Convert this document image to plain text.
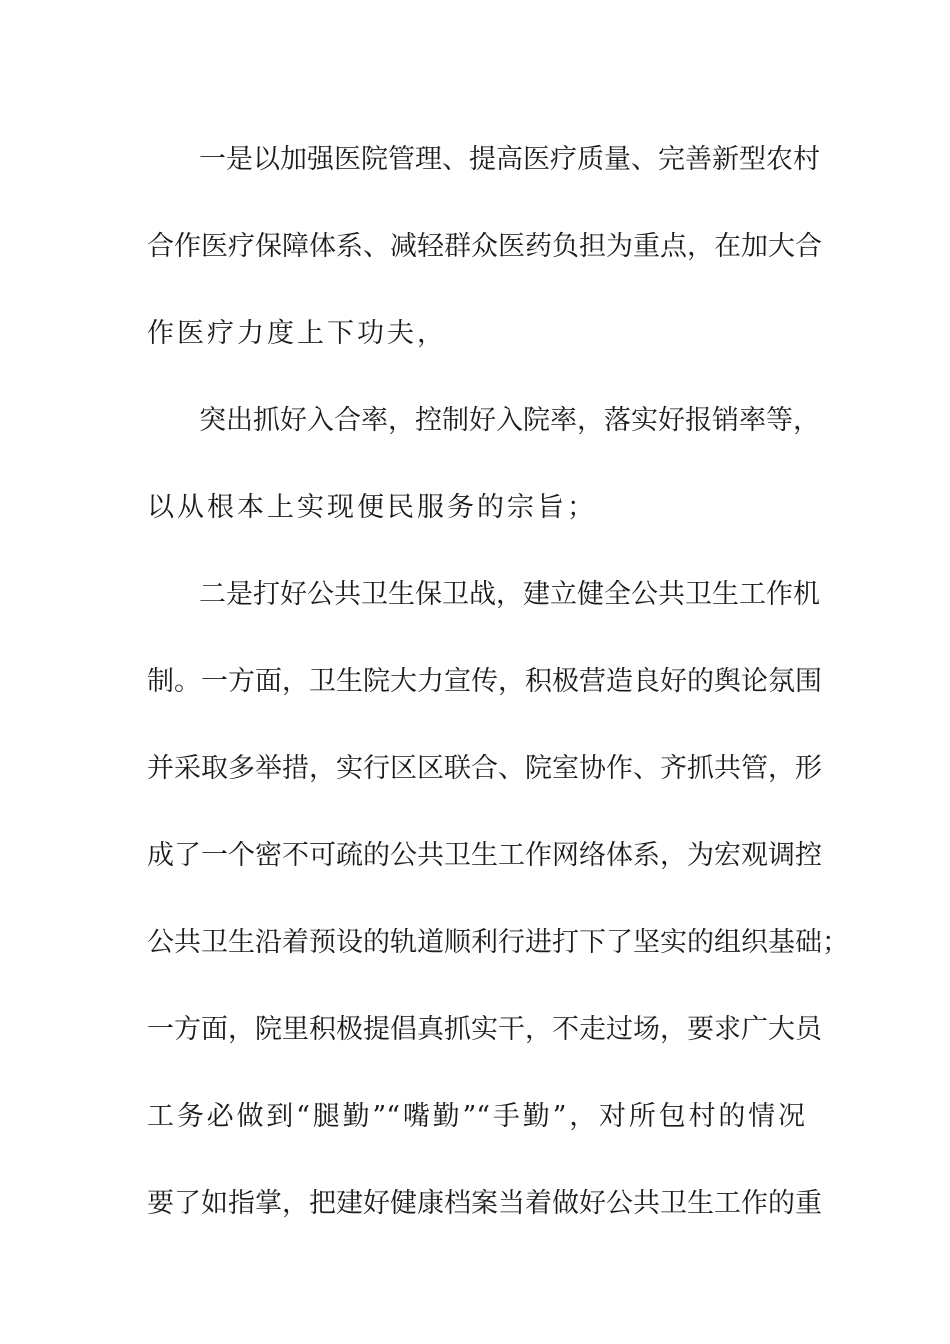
一是以加强医院管理、提高医疗质量、完善新型农村
合作医疗保障体系、减轻群众医药负担为重点，在加大合
作医疗力度上下功夫，
突出抓好入合率，控制好入院率，落实好报销率等，
以从根本上实现便民服务的宗旨；
二是打好公共卫生保卫战，建立健全公共卫生工作机
制。一方面，卫生院大力宣传，积极营造良好的舆论氛围
并采取多举措，实行区区联合、院室协作、齐抓共管，形
成了一个密不可疏的公共卫生工作网络体系，为宏观调控
公共卫生沿着预设的轨道顺利行进打下了坚实的组织基础；
一方面，院里积极提倡真抓实干，不走过场，要求广大员
工务必做到“腿勤”“嘴勤”“手勤”，对所包村的情况
要了如指掌，把建好健康档案当着做好公共卫生工作的重
